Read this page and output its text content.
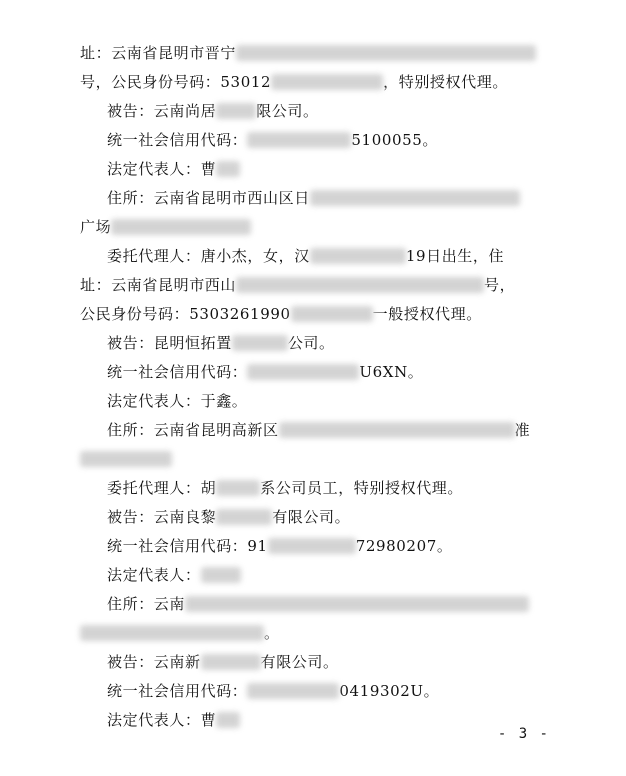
址：云南省昆明市晋宁
号，公民身份号码：53012	，特别授权代理。
被告：云南尚居	限公司。
统一社会信用代码：	5100055。
法定代表人：曹
住所：云南省昆明市西山区日
广场
委托代理人：唐小杰，女，汉	19日出生，住
址：云南省昆明市西山	号，
公民身份号码：5303261990	一般授权代理。
被告：昆明恒拓置	公司。
统一社会信用代码：	U6XN。
法定代表人：于鑫。
住所：云南省昆明高新区	准
委托代理人：胡	系公司员工，特别授权代理。
被告：云南良黎	有限公司。
统一社会信用代码：91	7298020​7。
法定代表人：
住所：云南
。
被告：云南新	有限公司。
统一社会信用代码：	0419302U。
法定代表人：曹
- 3 -
